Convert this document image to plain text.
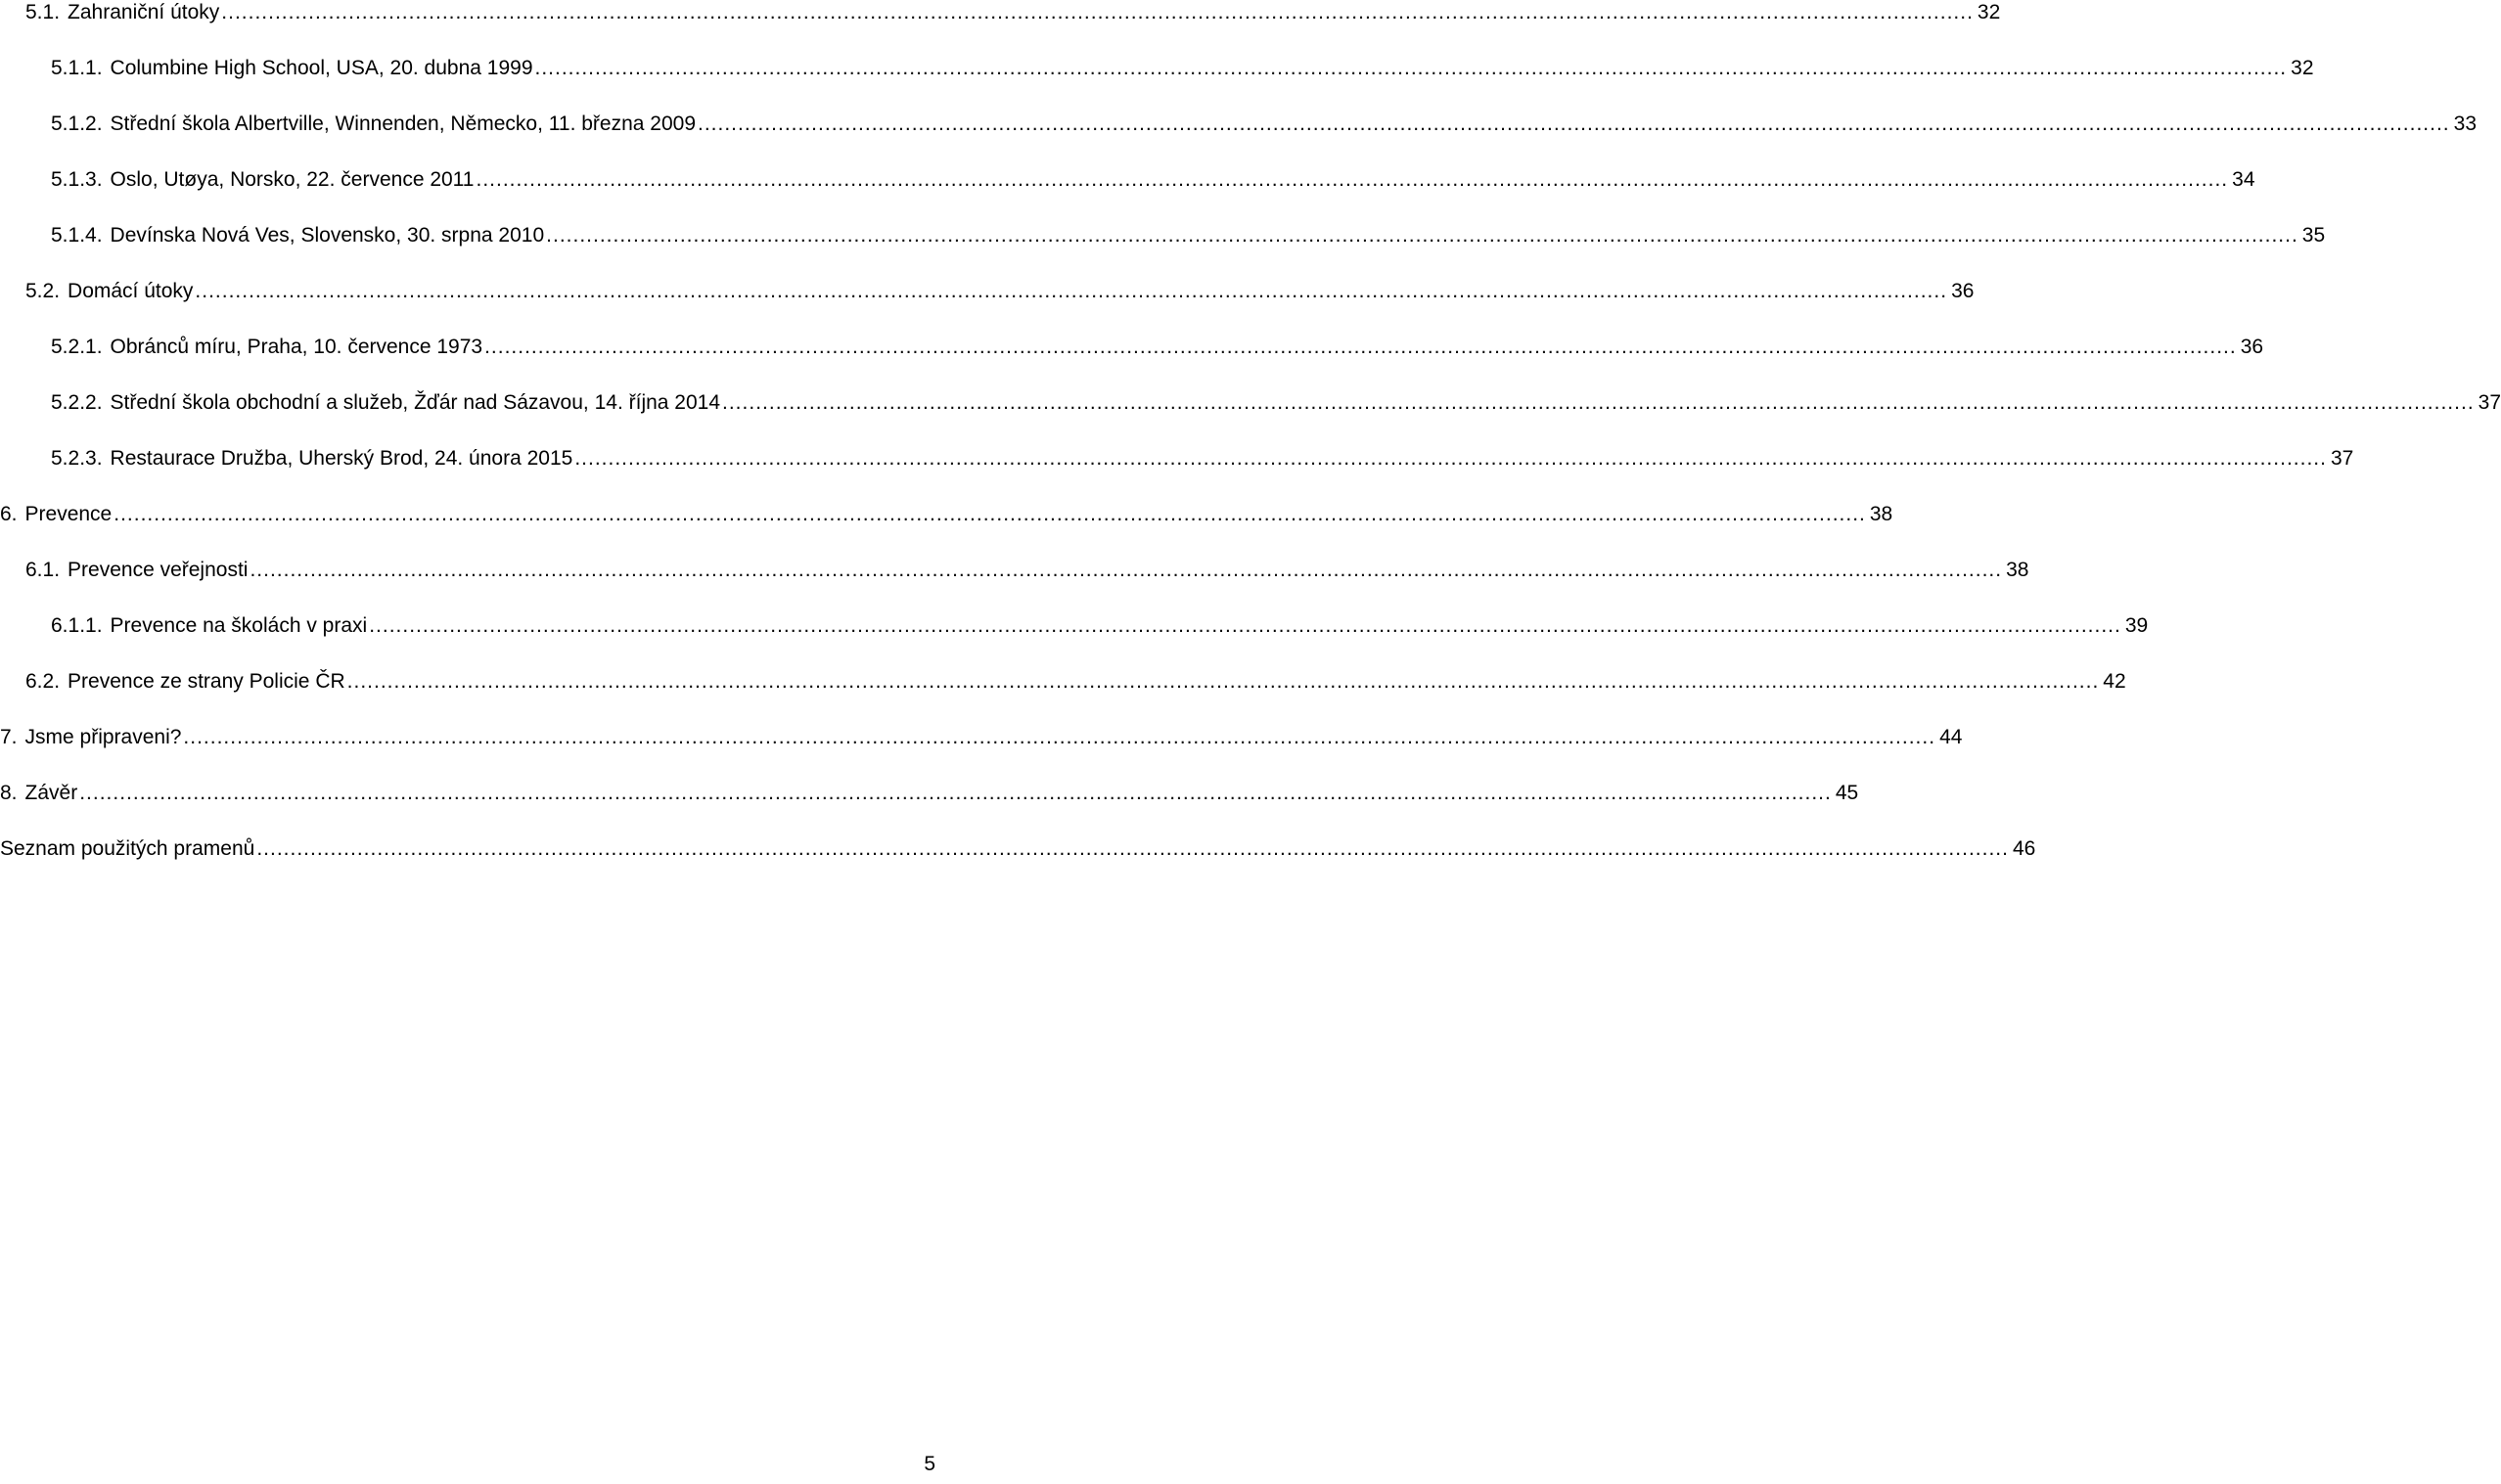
5.1. Zahraniční útoky .....	32
5.1.1. Columbine High School, USA, 20. dubna 1999 .....	32
5.1.2. Střední škola Albertville, Winnenden, Německo, 11. března 2009 .....	33
5.1.3. Oslo, Utøya, Norsko, 22. července 2011 .....	34
5.1.4. Devínska Nová Ves, Slovensko, 30. srpna 2010 .....	35
5.2. Domácí útoky .....	36
5.2.1. Obránců míru, Praha, 10. července 1973 .....	36
5.2.2. Střední škola obchodní a služeb, Žďár nad Sázavou, 14. října 2014 .....	37
5.2.3. Restaurace Družba, Uherský Brod, 24. února 2015 .....	37
6. Prevence .....	38
6.1. Prevence veřejnosti .....	38
6.1.1. Prevence na školách v praxi .....	39
6.2. Prevence ze strany Policie ČR .....	42
7. Jsme připraveni? .....	44
8. Závěr .....	45
Seznam použitých pramenů .....	46
5
